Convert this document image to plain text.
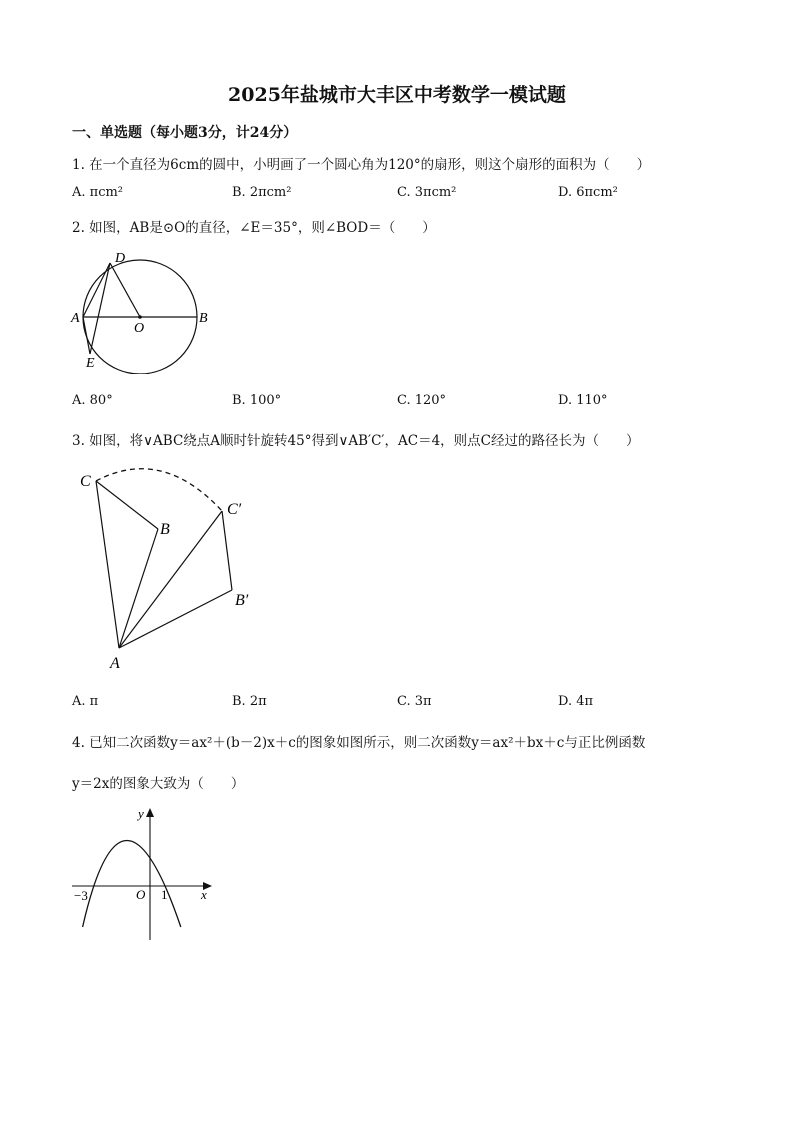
2025年盐城市大丰区中考数学一模试题
一、单选题（每小题3分，计24分）
1. 在一个直径为6cm的圆中，小明画了一个圆心角为120°的扇形，则这个扇形的面积为（　　）
A. πcm²	B. 2πcm²	C. 3πcm²	D. 6πcm²
2. 如图，AB是⊙O的直径，∠E＝35°，则∠BOD＝（　　）
D
A
O
B
E
A. 80°	B. 100°	C. 120°	D. 110°
3. 如图，将∨ABC绕点A顺时针旋转45°得到∨AB′C′，AC＝4，则点C经过的路径长为（　　）
C
B
C′
B′
A
A. π	B. 2π	C. 3π	D. 4π
4. 已知二次函数y＝ax²＋(b－2)x＋c的图象如图所示，则二次函数y＝ax²＋bx＋c与正比例函数
y＝2x的图象大致为（　　）
y
x
O
−3	1
